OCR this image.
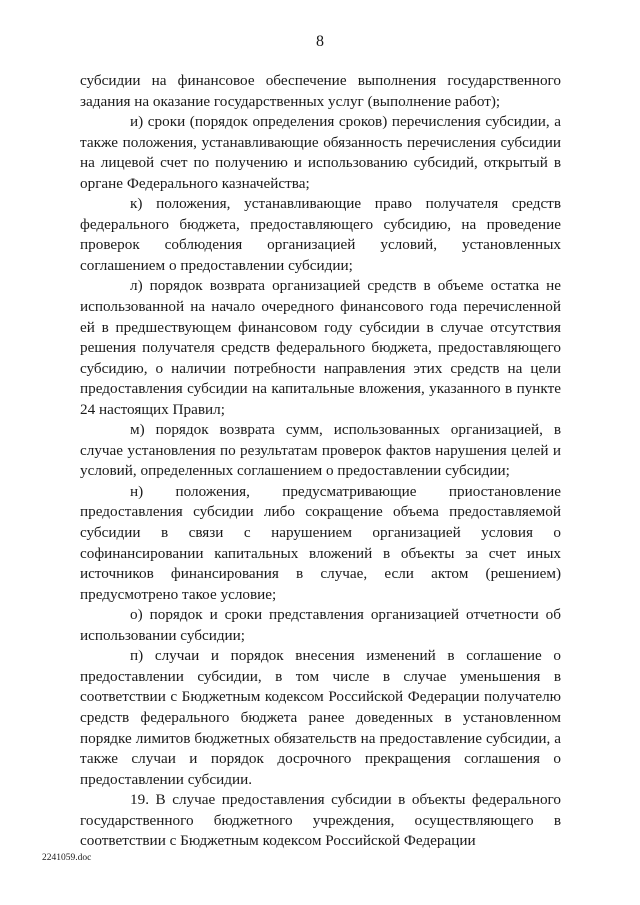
8

субсидии на финансовое обеспечение выполнения государственного задания на оказание государственных услуг (выполнение работ);

и) сроки (порядок определения сроков) перечисления субсидии, а также положения, устанавливающие обязанность перечисления субсидии на лицевой счет по получению и использованию субсидий, открытый в органе Федерального казначейства;

к) положения, устанавливающие право получателя средств федерального бюджета, предоставляющего субсидию, на проведение проверок соблюдения организацией условий, установленных соглашением о предоставлении субсидии;

л) порядок возврата организацией средств в объеме остатка не использованной на начало очередного финансового года перечисленной ей в предшествующем финансовом году субсидии в случае отсутствия решения получателя средств федерального бюджета, предоставляющего субсидию, о наличии потребности направления этих средств на цели предоставления субсидии на капитальные вложения, указанного в пункте 24 настоящих Правил;

м) порядок возврата сумм, использованных организацией, в случае установления по результатам проверок фактов нарушения целей и условий, определенных соглашением о предоставлении субсидии;

н) положения, предусматривающие приостановление предоставления субсидии либо сокращение объема предоставляемой субсидии в связи с нарушением организацией условия о софинансировании капитальных вложений в объекты за счет иных источников финансирования в случае, если актом (решением) предусмотрено такое условие;

о) порядок и сроки представления организацией отчетности об использовании субсидии;

п) случаи и порядок внесения изменений в соглашение о предоставлении субсидии, в том числе в случае уменьшения в соответствии с Бюджетным кодексом Российской Федерации получателю средств федерального бюджета ранее доведенных в установленном порядке лимитов бюджетных обязательств на предоставление субсидии, а также случаи и порядок досрочного прекращения соглашения о предоставлении субсидии.

19. В случае предоставления субсидии в объекты федерального государственного бюджетного учреждения, осуществляющего в соответствии с Бюджетным кодексом Российской Федерации

2241059.doc
